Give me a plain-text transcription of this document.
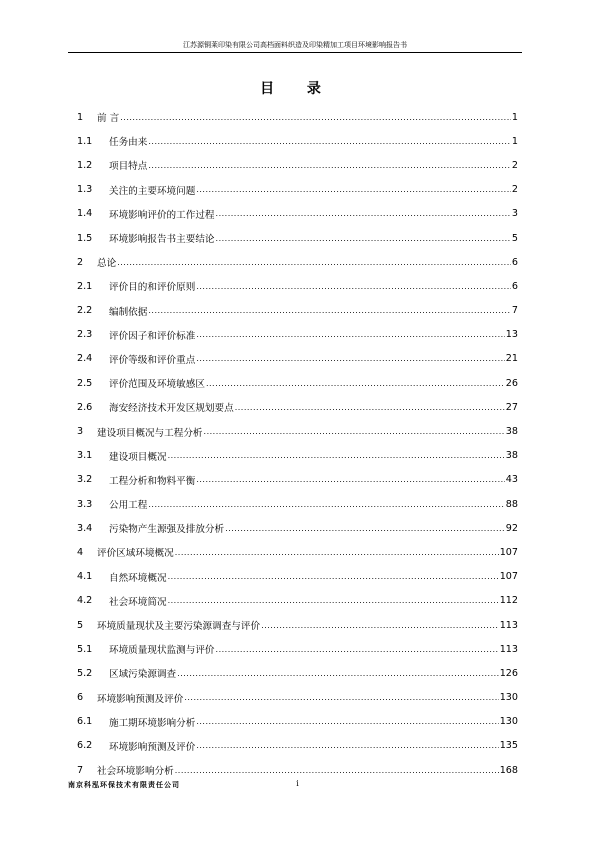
江苏源铜莱印染有限公司高档面料织造及印染精加工项目环境影响报告书
目 录
1	前 言 .....	1
1.1	任务由来 .....	1
1.2	项目特点 .....	2
1.3	关注的主要环境问题 .....	2
1.4	环境影响评价的工作过程 .....	3
1.5	环境影响报告书主要结论 .....	5
2	总论 .....	6
2.1	评价目的和评价原则 .....	6
2.2	编制依据 .....	7
2.3	评价因子和评价标准 .....	13
2.4	评价等级和评价重点 .....	21
2.5	评价范围及环境敏感区 .....	26
2.6	海安经济技术开发区规划要点 .....	27
3	建设项目概况与工程分析 .....	38
3.1	建设项目概况 .....	38
3.2	工程分析和物料平衡 .....	43
3.3	公用工程 .....	88
3.4	污染物产生源强及排放分析 .....	92
4	评价区域环境概况 .....	107
4.1	自然环境概况 .....	107
4.2	社会环境简况 .....	112
5	环境质量现状及主要污染源调查与评价 .....	113
5.1	环境质量现状监测与评价 .....	113
5.2	区域污染源调查 .....	126
6	环境影响预测及评价 .....	130
6.1	施工期环境影响分析 .....	130
6.2	环境影响预测及评价 .....	135
7	社会环境影响分析 .....	168
南京科泓环保技术有限责任公司	i
